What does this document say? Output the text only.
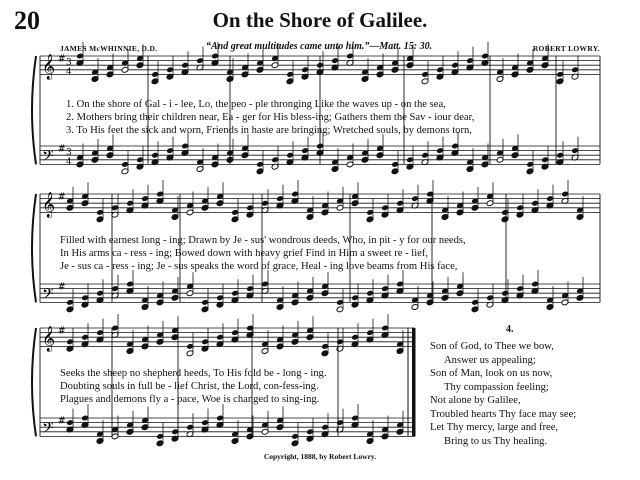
20	On the Shore of Galilee.
JAMES McWHINNIE, D.D.	“And great multitudes came unto him.”—Matt. 15: 30.	ROBERT LOWRY.
𝄞 # 3
4
𝄢 # 3
4
𝄞 #
𝄢 #
𝄞 #
𝄢 #
1. On the shore of Gal - i - lee, Lo, the peo - ple thronging Like the waves up - on the sea,
2. Mothers bring their children near, Ea - ger for His bless-ing; Gathers them the Sav - iour dear,
3. To His feet the sick and worn, Friends in haste are bringing; Wretched souls, by demons torn,
Filled with earnest long - ing; Drawn by Je - sus' wondrous deeds, Who, in pit - y for our needs,
In His arms ca - ress - ing; Bowed down with heavy grief Find in Him a sweet re - lief,
Je - sus ca - ress - ing; Je - sus speaks the word of grace, Heal - ing love beams from His face,
Seeks the sheep no shepherd heeds, To His fold be - long - ing.
Doubting souls in full be - lief Christ, the Lord, con-fess-ing.
Plagues and demons fly a - pace, Woe is changed to sing-ing.
4.
Son of God, to Thee we bow,
Answer us appealing;
Son of Man, look on us now,
Thy compassion feeling;
Not alone by Galilee,
Troubled hearts Thy face may see;
Let Thy mercy, large and free,
Bring to us Thy healing.
Copyright, 1888, by Robert Lowry.
